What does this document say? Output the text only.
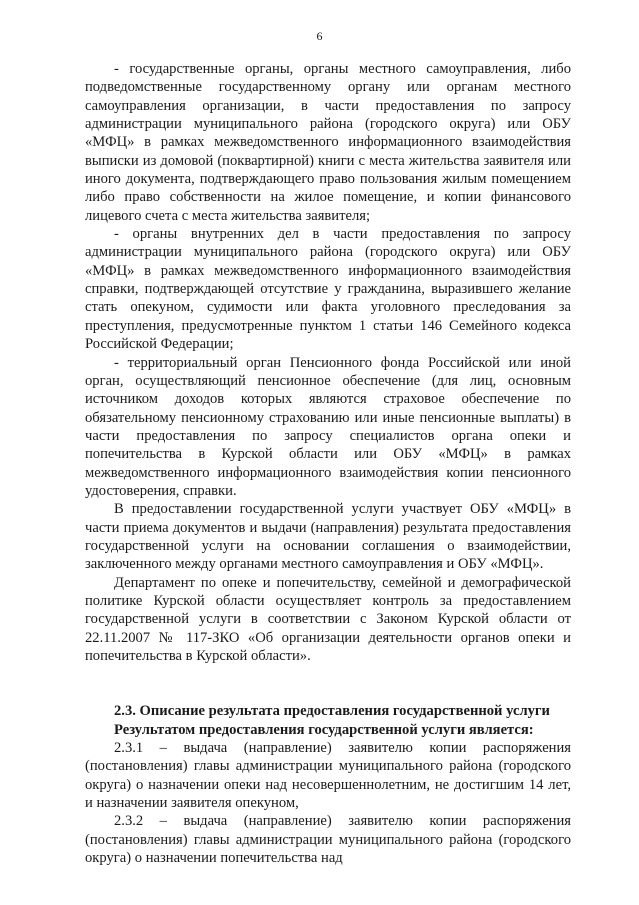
6

- государственные органы, органы местного самоуправления, либо подведомственные государственному органу или органам местного самоуправления организации, в части предоставления по запросу администрации муниципального района (городского округа) или ОБУ «МФЦ» в рамках межведомственного информационного взаимодействия выписки из домовой (поквартирной) книги с места жительства заявителя или иного документа, подтверждающего право пользования жилым помещением либо право собственности на жилое помещение, и копии финансового лицевого счета с места жительства заявителя;

- органы внутренних дел в части предоставления по запросу администрации муниципального района (городского округа) или ОБУ «МФЦ» в рамках межведомственного информационного взаимодействия справки, подтверждающей отсутствие у гражданина, выразившего желание стать опекуном, судимости или факта уголовного преследования за преступления, предусмотренные пунктом 1 статьи 146 Семейного кодекса Российской Федерации;

- территориальный орган Пенсионного фонда Российской или иной орган, осуществляющий пенсионное обеспечение (для лиц, основным источником доходов которых являются страховое обеспечение по обязательному пенсионному страхованию или иные пенсионные выплаты) в части предоставления по запросу специалистов органа опеки и попечительства в Курской области или ОБУ «МФЦ» в рамках межведомственного информационного взаимодействия копии пенсионного удостоверения, справки.

В предоставлении государственной услуги участвует ОБУ «МФЦ» в части приема документов и выдачи (направления) результата предоставления государственной услуги на основании соглашения о взаимодействии, заключенного между органами местного самоуправления и ОБУ «МФЦ».

Департамент по опеке и попечительству, семейной и демографической политике Курской области осуществляет контроль за предоставлением государственной услуги в соответствии с Законом Курской области от 22.11.2007 № 117-ЗКО «Об организации деятельности органов опеки и попечительства в Курской области».

2.3. Описание результата предоставления государственной услуги

Результатом предоставления государственной услуги является:

2.3.1 – выдача (направление) заявителю копии распоряжения (постановления) главы администрации муниципального района (городского округа) о назначении опеки над несовершеннолетним, не достигшим 14 лет, и назначении заявителя опекуном,

2.3.2 – выдача (направление) заявителю копии распоряжения (постановления) главы администрации муниципального района (городского округа) о назначении попечительства над
